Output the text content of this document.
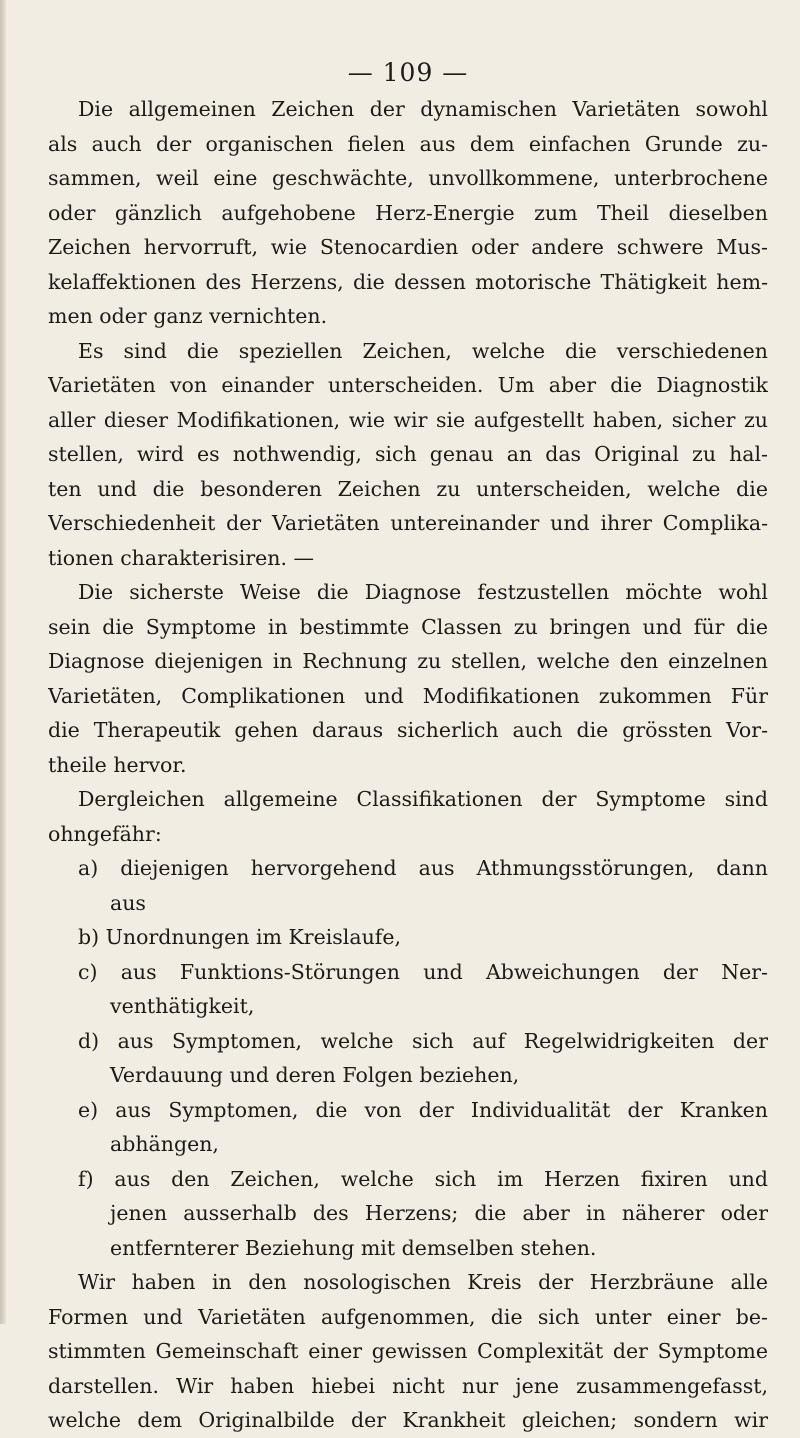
— 109 —
Die allgemeinen Zeichen der dynamischen Varietäten sowohl
als auch der organischen fielen aus dem einfachen Grunde zu-
sammen, weil eine geschwächte, unvollkommene, unterbrochene
oder gänzlich aufgehobene Herz-Energie zum Theil dieselben
Zeichen hervorruft, wie Stenocardien oder andere schwere Mus-
kelaffektionen des Herzens, die dessen motorische Thätigkeit hem-
men oder ganz vernichten.
Es sind die speziellen Zeichen, welche die verschiedenen
Varietäten von einander unterscheiden. Um aber die Diagnostik
aller dieser Modifikationen, wie wir sie aufgestellt haben, sicher zu
stellen, wird es nothwendig, sich genau an das Original zu hal-
ten und die besonderen Zeichen zu unterscheiden, welche die
Verschiedenheit der Varietäten untereinander und ihrer Complika-
tionen charakterisiren. —
Die sicherste Weise die Diagnose festzustellen möchte wohl
sein die Symptome in bestimmte Classen zu bringen und für die
Diagnose diejenigen in Rechnung zu stellen, welche den einzelnen
Varietäten, Complikationen und Modifikationen zukommen Für
die Therapeutik gehen daraus sicherlich auch die grössten Vor-
theile hervor.
Dergleichen allgemeine Classifikationen der Symptome sind
ohngefähr:
a) diejenigen hervorgehend aus Athmungsstörungen, dann
aus
b) Unordnungen im Kreislaufe,
c) aus Funktions-Störungen und Abweichungen der Ner-
venthätigkeit,
d) aus Symptomen, welche sich auf Regelwidrigkeiten der
Verdauung und deren Folgen beziehen,
e) aus Symptomen, die von der Individualität der Kranken
abhängen,
f) aus den Zeichen, welche sich im Herzen fixiren und
jenen ausserhalb des Herzens; die aber in näherer oder
entfernterer Beziehung mit demselben stehen.
Wir haben in den nosologischen Kreis der Herzbräune alle
Formen und Varietäten aufgenommen, die sich unter einer be-
stimmten Gemeinschaft einer gewissen Complexität der Symptome
darstellen. Wir haben hiebei nicht nur jene zusammengefasst,
welche dem Originalbilde der Krankheit gleichen; sondern wir
